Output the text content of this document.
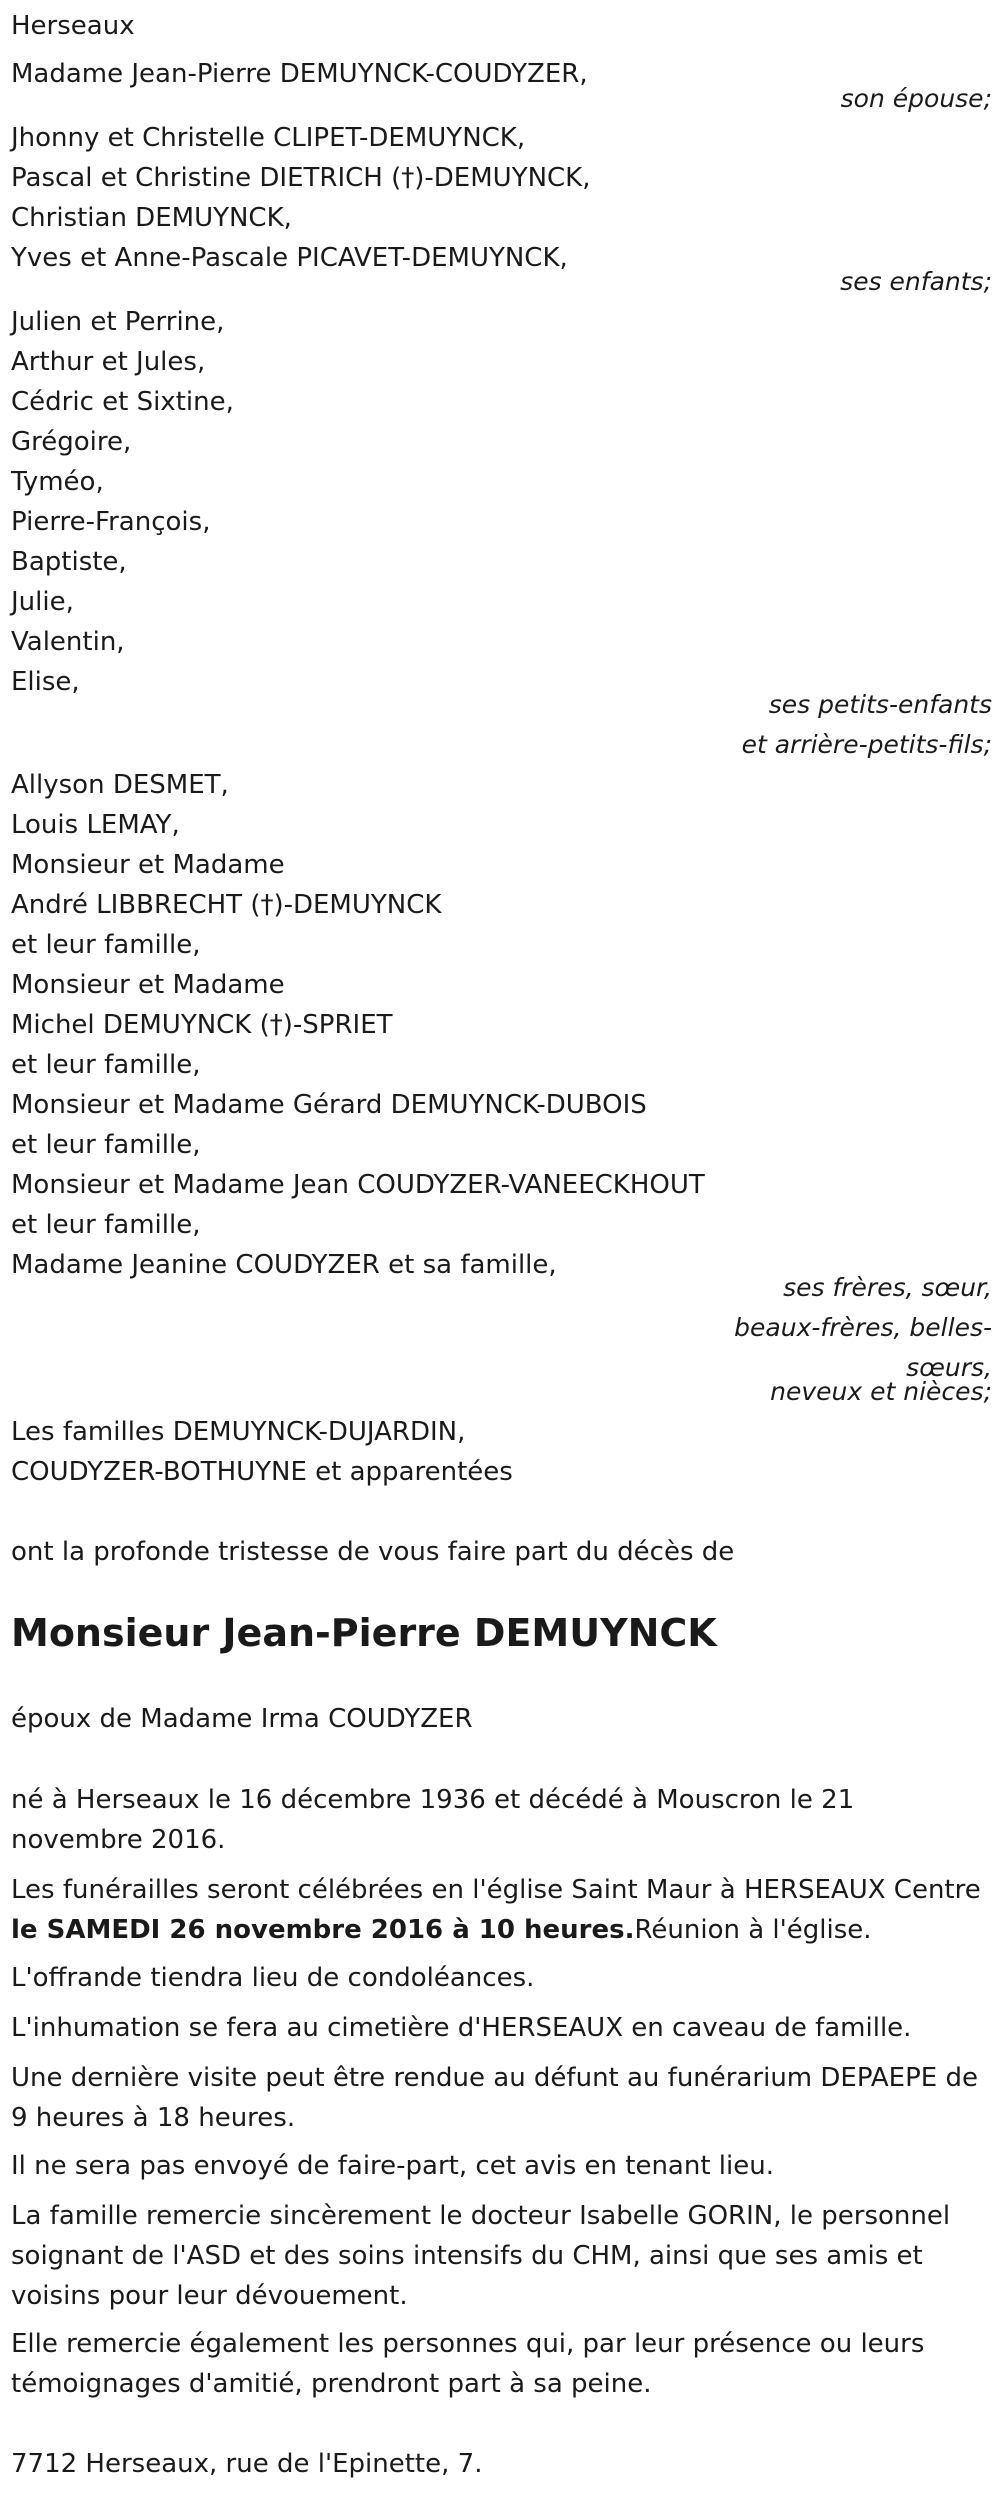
Herseaux
Madame Jean-Pierre DEMUYNCK-COUDYZER,
son épouse;
Jhonny et Christelle CLIPET-DEMUYNCK,
Pascal et Christine DIETRICH (†)-DEMUYNCK,
Christian DEMUYNCK,
Yves et Anne-Pascale PICAVET-DEMUYNCK,
ses enfants;
Julien et Perrine,
Arthur et Jules,
Cédric et Sixtine,
Grégoire,
Tyméo,
Pierre-François,
Baptiste,
Julie,
Valentin,
Elise,
ses petits-enfants
et arrière-petits-fils;
Allyson DESMET,
Louis LEMAY,
Monsieur et Madame
André LIBBRECHT (†)-DEMUYNCK
et leur famille,
Monsieur et Madame
Michel DEMUYNCK (†)-SPRIET
et leur famille,
Monsieur et Madame Gérard DEMUYNCK-DUBOIS
et leur famille,
Monsieur et Madame Jean COUDYZER-VANEECKHOUT
et leur famille,
Madame Jeanine COUDYZER et sa famille,
ses frères, sœur,
beaux-frères, belles-
sœurs,
neveux et nièces;
Les familles DEMUYNCK-DUJARDIN,
COUDYZER-BOTHUYNE et apparentées
ont la profonde tristesse de vous faire part du décès de
Monsieur Jean-Pierre DEMUYNCK
époux de Madame Irma COUDYZER
né à Herseaux le 16 décembre 1936 et décédé à Mouscron le 21 novembre 2016.
Les funérailles seront célébrées en l'église Saint Maur à HERSEAUX Centre le SAMEDI 26 novembre 2016 à 10 heures.Réunion à l'église.
L'offrande tiendra lieu de condoléances.
L'inhumation se fera au cimetière d'HERSEAUX en caveau de famille.
Une dernière visite peut être rendue au défunt au funérarium DEPAEPE de 9 heures à 18 heures.
Il ne sera pas envoyé de faire-part, cet avis en tenant lieu.
La famille remercie sincèrement le docteur Isabelle GORIN, le personnel soignant de l'ASD et des soins intensifs du CHM, ainsi que ses amis et voisins pour leur dévouement.
Elle remercie également les personnes qui, par leur présence ou leurs témoignages d'amitié, prendront part à sa peine.
7712 Herseaux, rue de l'Epinette, 7.
